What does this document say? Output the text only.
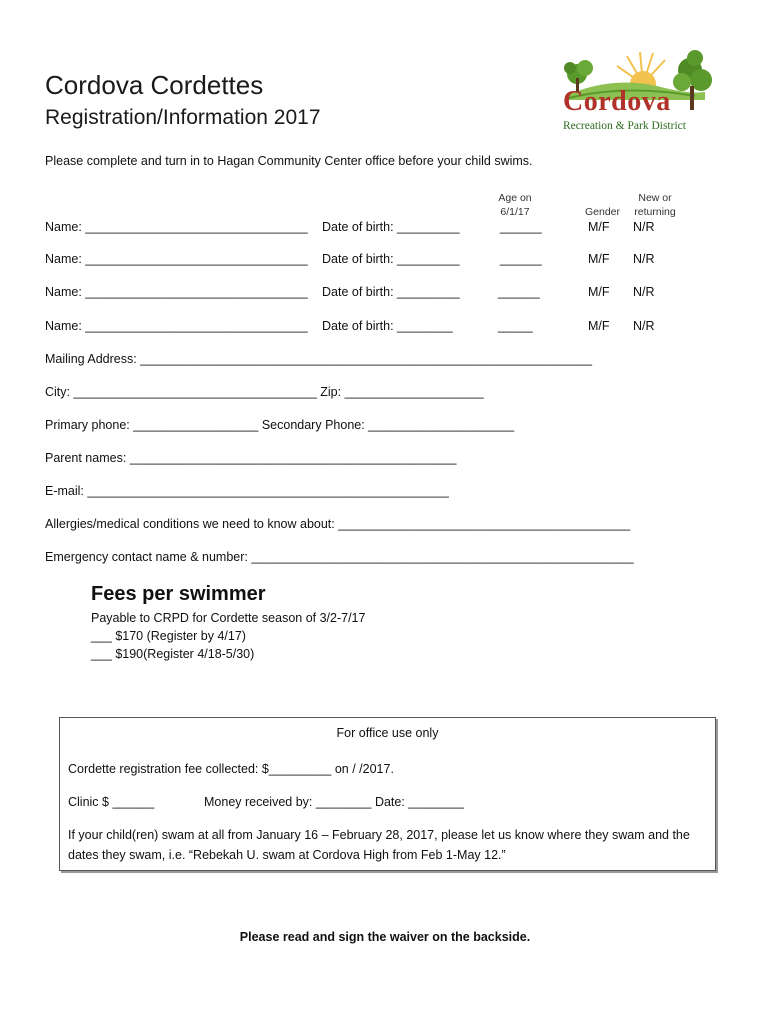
Cordova Cordettes
Registration/Information 2017
Please complete and turn in to Hagan Community Center office before your child swims.
Cordova
Recreation & Park District
Age on
6/1/17	Gender
New or
returning
Name: ________________________________ Date of birth: _________	______	M/F N/R
Name: ________________________________ Date of birth: _________	______	M/F N/R
Name: ________________________________ Date of birth: _________	______	M/F N/R
Name: ________________________________ Date of birth: ________	_____	M/F N/R
Mailing Address: _________________________________________________________________
City: ___________________________________ Zip: ____________________
Primary phone: __________________ Secondary Phone: _____________________
Parent names: _______________________________________________
E-mail: ____________________________________________________
Allergies/medical conditions we need to know about: __________________________________________
Emergency contact name & number: _______________________________________________________
Fees per swimmer
Payable to CRPD for Cordette season of 3/2-7/17
___ $170 (Register by 4/17)
___ $190(Register 4/18-5/30)
For office use only
Cordette registration fee collected: $_________ on / /2017.
Clinic $ ______	Money received by: ________ Date: ________
If your child(ren) swam at all from January 16 – February 28, 2017, please let us know where they swam and the dates they swam, i.e. “Rebekah U. swam at Cordova High from Feb 1-May 12.”
Please read and sign the waiver on the backside.
